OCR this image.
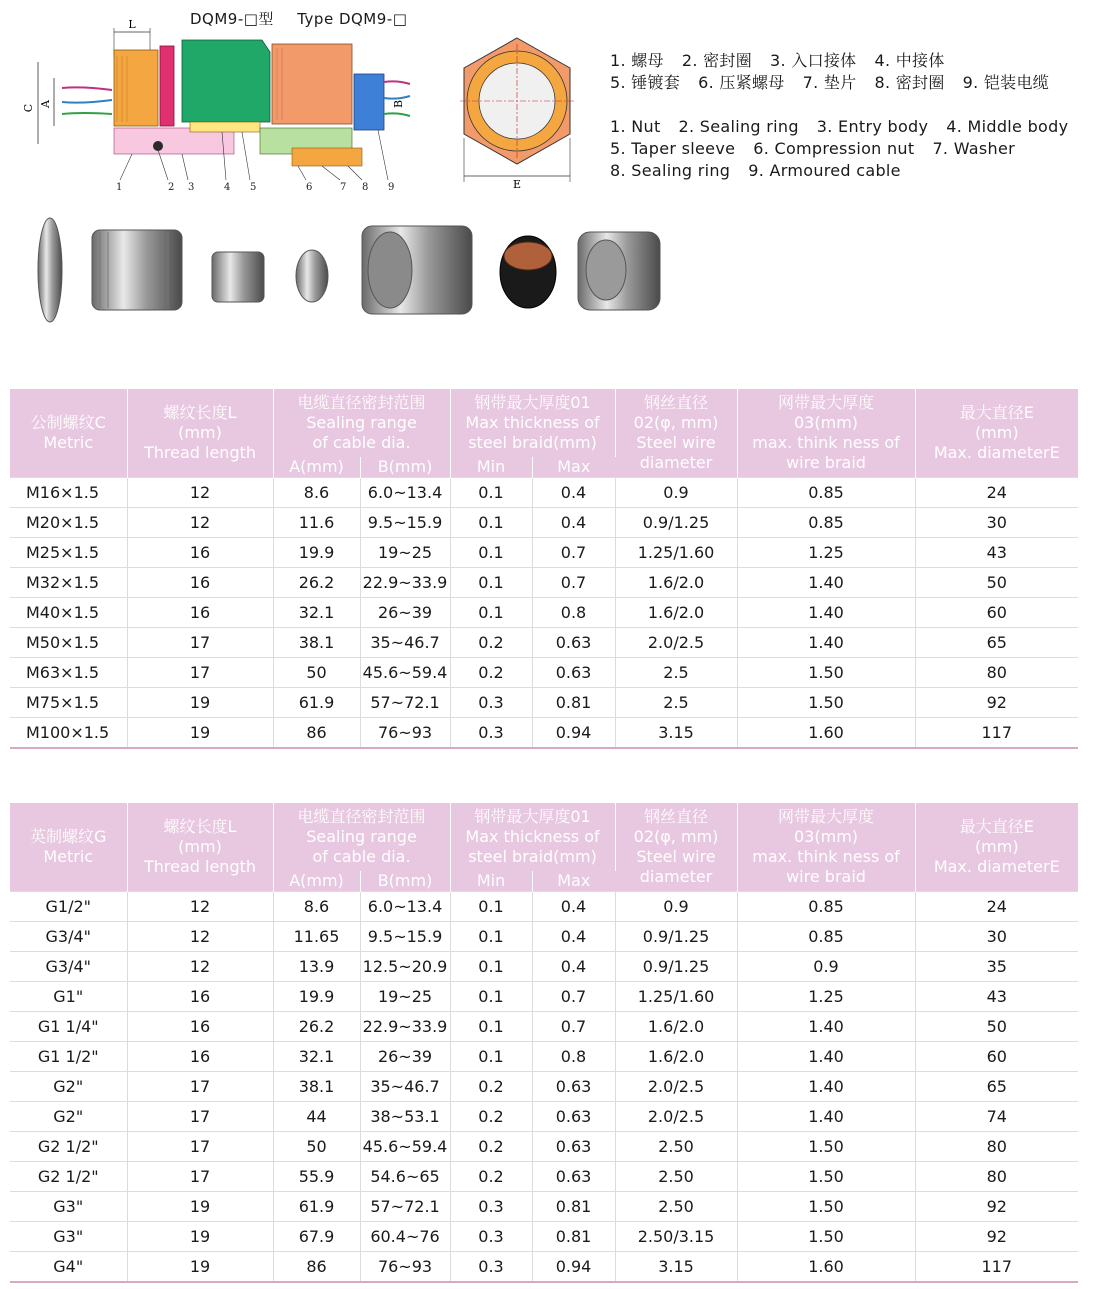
DQM9-□型 Type DQM9-□
L
C A	B
1	2 3	4 5	6	7 8 9	E
1. 螺母 2. 密封圈 3. 入口接体 4. 中接体
5. 锤镀套 6. 压紧螺母 7. 垫片 8. 密封圈 9. 铠装电缆
1. Nut 2. Sealing ring 3. Entry body 4. Middle body
5. Taper sleeve 6. Compression nut 7. Washer
8. Sealing ring 9. Armoured cable
公制螺纹C
Metric	螺纹长度L
(mm)
Thread length	电缆直径密封范围
Sealing range
of cable dia.		钢带最大厚度01
Max thickness of
steel braid(mm)		钢丝直径
02(φ, mm)
Steel wire
diameter	网带最大厚度
03(mm)
max. think ness of
wire braid	最大直径E
(mm)
Max. diameterE

		A(mm)	B(mm)	Min	Max			
M16×1.5	12	8.6	6.0~13.4	0.1	0.4	0.9	0.85	24
M20×1.5	12	11.6	9.5~15.9	0.1	0.4	0.9/1.25	0.85	30
M25×1.5	16	19.9	19~25	0.1	0.7	1.25/1.60	1.25	43
M32×1.5	16	26.2	22.9~33.9	0.1	0.7	1.6/2.0	1.40	50
M40×1.5	16	32.1	26~39	0.1	0.8	1.6/2.0	1.40	60
M50×1.5	17	38.1	35~46.7	0.2	0.63	2.0/2.5	1.40	65
M63×1.5	17	50	45.6~59.4	0.2	0.63	2.5	1.50	80
M75×1.5	19	61.9	57~72.1	0.3	0.81	2.5	1.50	92
M100×1.5	19	86	76~93	0.3	0.94	3.15	1.60	117
英制螺纹G
Metric	螺纹长度L
(mm)
Thread length	电缆直径密封范围
Sealing range
of cable dia.		钢带最大厚度01
Max thickness of
steel braid(mm)		钢丝直径
02(φ, mm)
Steel wire
diameter	网带最大厚度
03(mm)
max. think ness of
wire braid	最大直径E
(mm)
Max. diameterE

		A(mm)	B(mm)	Min	Max			
G1/2"	12	8.6	6.0~13.4	0.1	0.4	0.9	0.85	24
G3/4"	12	11.65	9.5~15.9	0.1	0.4	0.9/1.25	0.85	30
G3/4"	12	13.9	12.5~20.9	0.1	0.4	0.9/1.25	0.9	35
G1"	16	19.9	19~25	0.1	0.7	1.25/1.60	1.25	43
G1 1/4"	16	26.2	22.9~33.9	0.1	0.7	1.6/2.0	1.40	50
G1 1/2"	16	32.1	26~39	0.1	0.8	1.6/2.0	1.40	60
G2"	17	38.1	35~46.7	0.2	0.63	2.0/2.5	1.40	65
G2"	17	44	38~53.1	0.2	0.63	2.0/2.5	1.40	74
G2 1/2"	17	50	45.6~59.4	0.2	0.63	2.50	1.50	80
G2 1/2"	17	55.9	54.6~65	0.2	0.63	2.50	1.50	80
G3"	19	61.9	57~72.1	0.3	0.81	2.50	1.50	92
G3"	19	67.9	60.4~76	0.3	0.81	2.50/3.15	1.50	92
G4"	19	86	76~93	0.3	0.94	3.15	1.60	117
